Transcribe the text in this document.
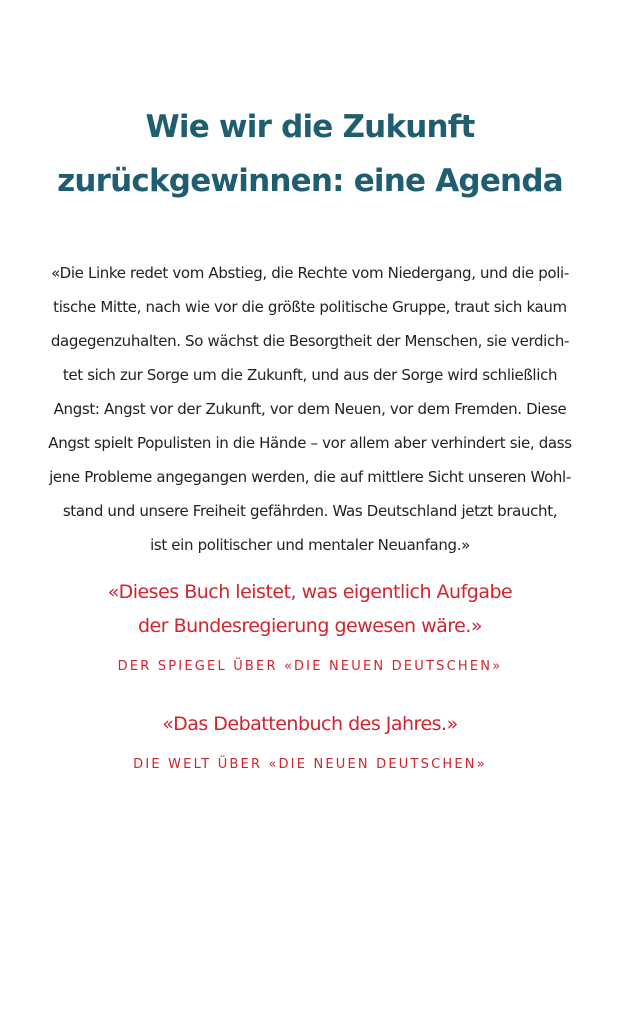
Wie wir die Zukunft
zurückgewinnen: eine Agenda
«Die Linke redet vom Abstieg, die Rechte vom Niedergang, und die poli-
tische Mitte, nach wie vor die größte politische Gruppe, traut sich kaum
dagegenzuhalten. So wächst die Besorgtheit der Menschen, sie verdich-
tet sich zur Sorge um die Zukunft, und aus der Sorge wird schließlich
Angst: Angst vor der Zukunft, vor dem Neuen, vor dem Fremden. Diese
Angst spielt Populisten in die Hände – vor allem aber verhindert sie, dass
jene Probleme angegangen werden, die auf mittlere Sicht unseren Wohl-
stand und unsere Freiheit gefährden. Was Deutschland jetzt braucht,
ist ein politischer und mentaler Neuanfang.»
«Dieses Buch leistet, was eigentlich Aufgabe
der Bundesregierung gewesen wäre.»
DER SPIEGEL ÜBER «DIE NEUEN DEUTSCHEN»
«Das Debattenbuch des Jahres.»
DIE WELT ÜBER «DIE NEUEN DEUTSCHEN»
